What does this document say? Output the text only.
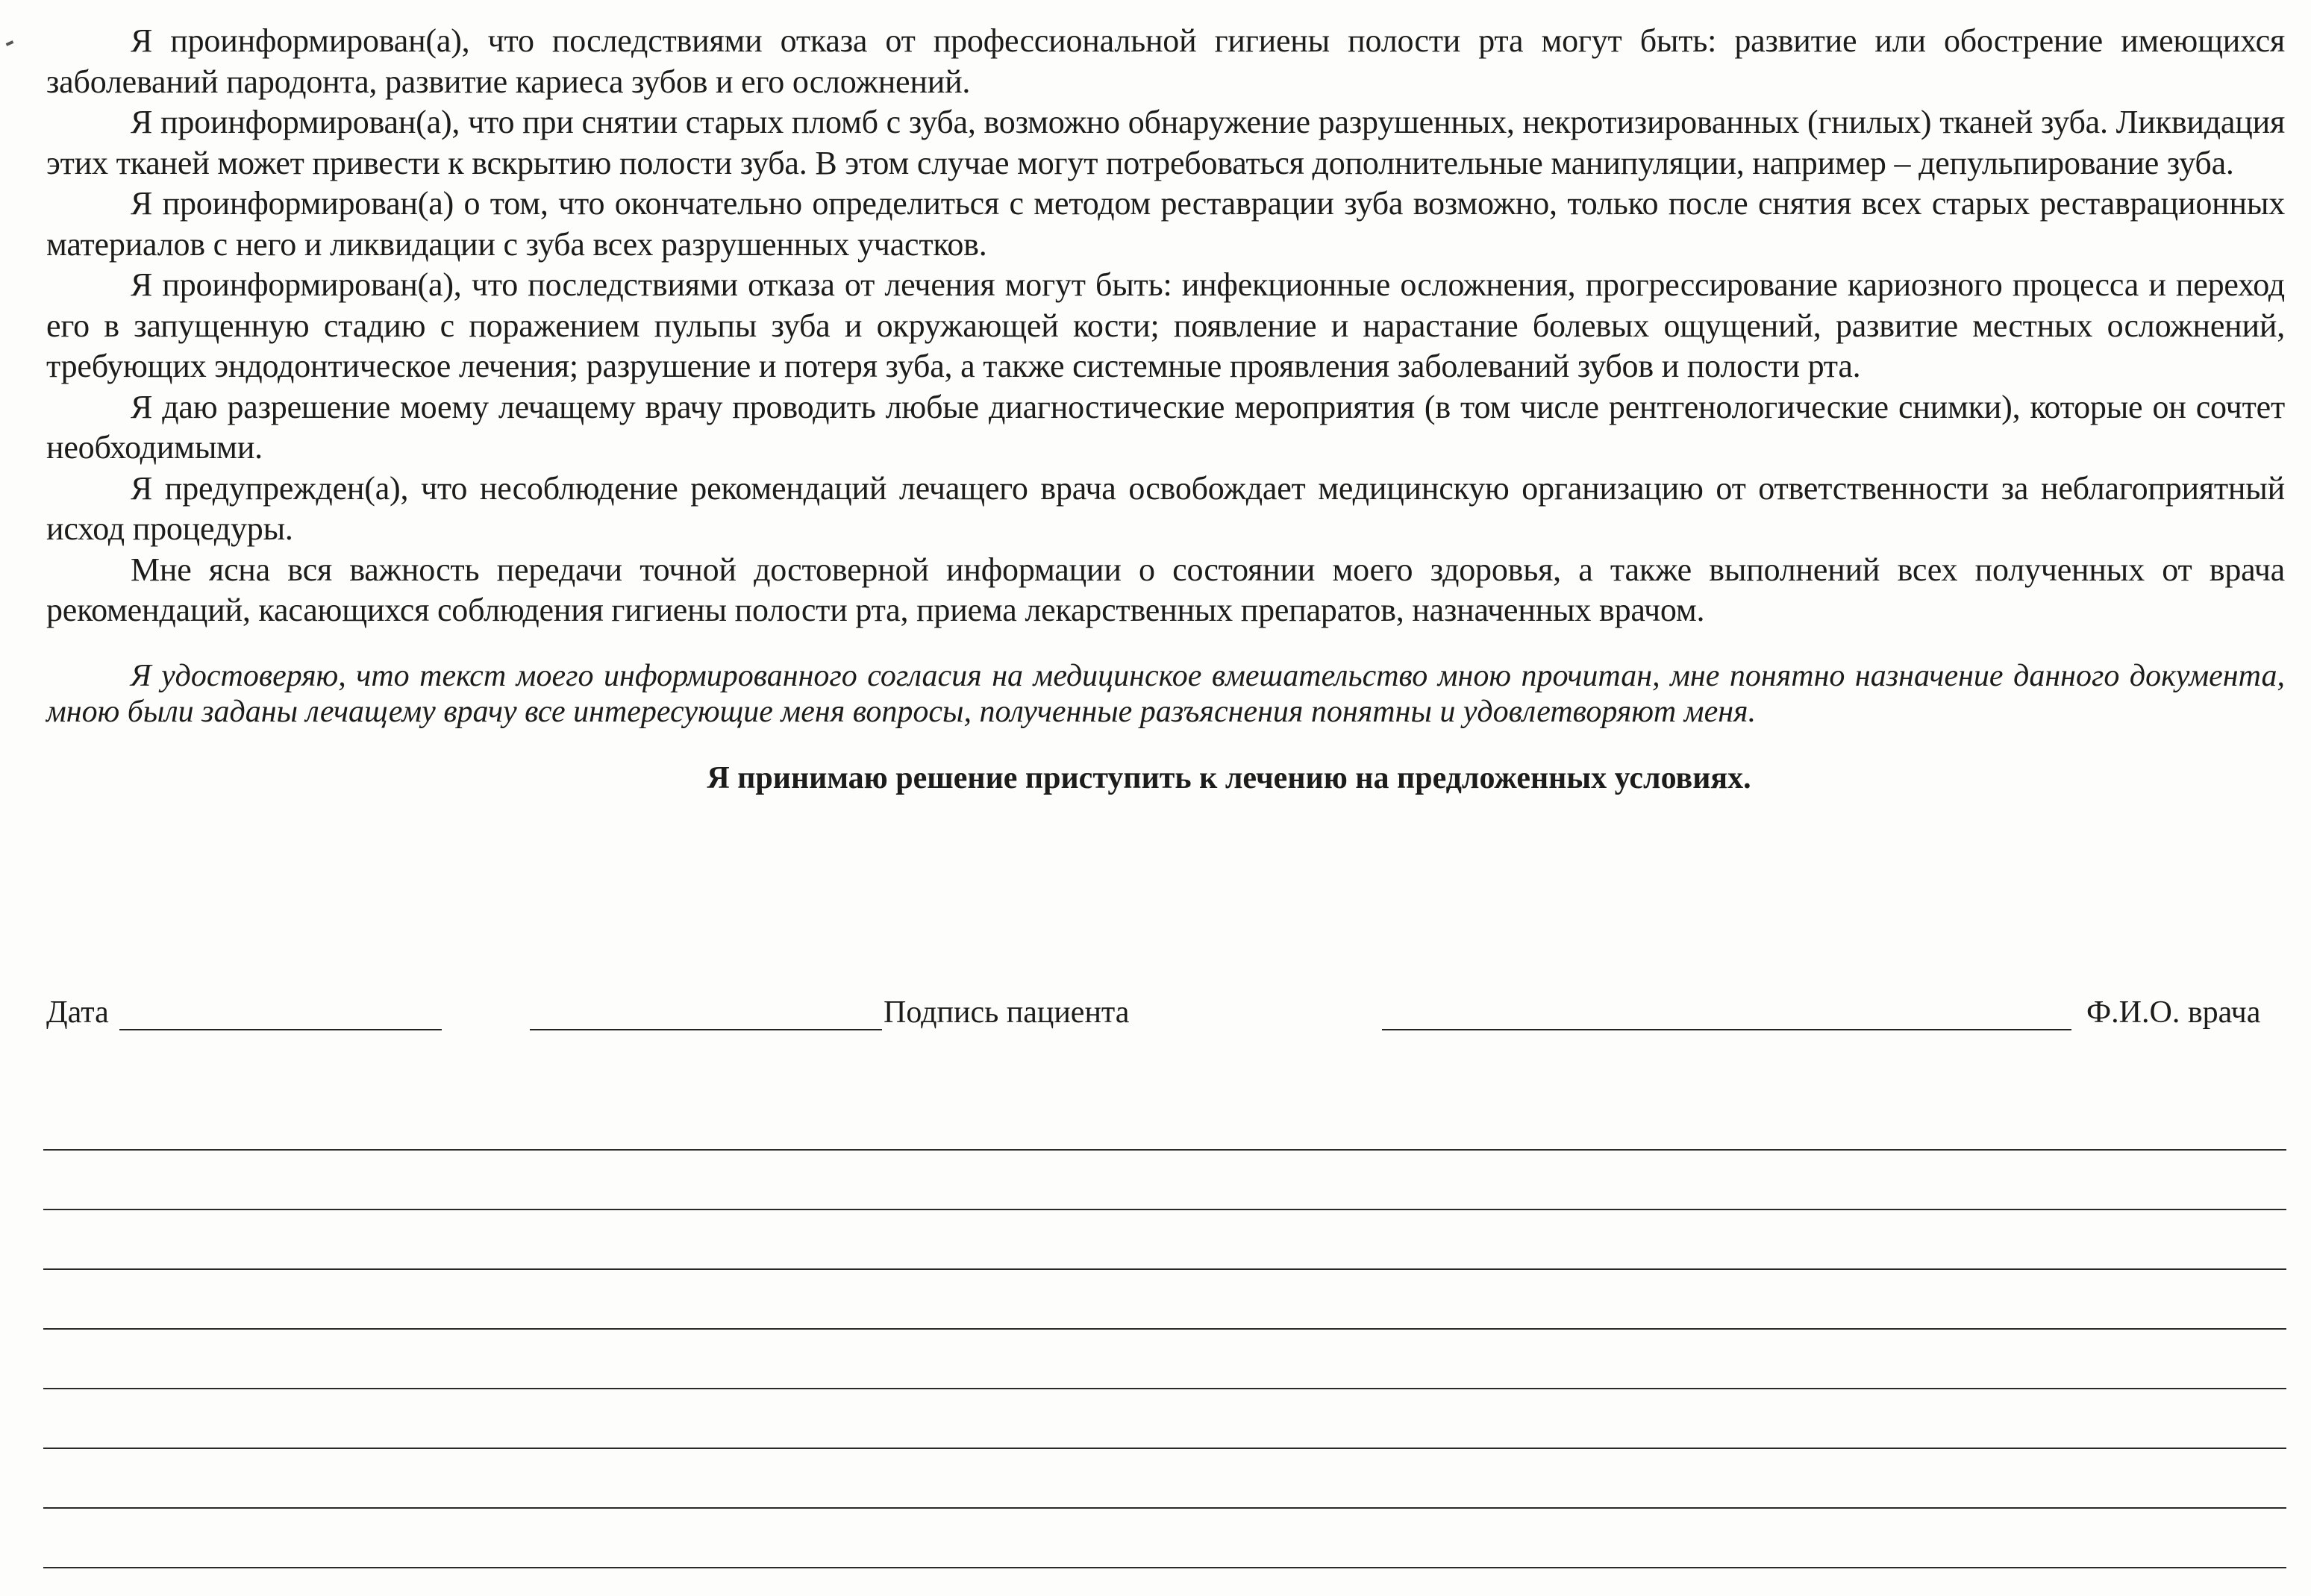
Я проинформирован(а), что последствиями отказа от профессиональной гигиены полости рта могут быть: развитие или обострение имеющихся заболеваний пародонта, развитие кариеса зубов и его осложнений.

Я проинформирован(а), что при снятии старых пломб с зуба, возможно обнаружение разрушенных, некротизированных (гнилых) тканей зуба. Ликвидация этих тканей может привести к вскрытию полости зуба. В этом случае могут потребоваться дополнительные манипуляции, например – депульпирование зуба.

Я проинформирован(а) о том, что окончательно определиться с методом реставрации зуба возможно, только после снятия всех старых реставрационных материалов с него и ликвидации с зуба всех разрушенных участков.

Я проинформирован(а), что последствиями отказа от лечения могут быть: инфекционные осложнения, прогрессирование кариозного процесса и переход его в запущенную стадию с поражением пульпы зуба и окружающей кости; появление и нарастание болевых ощущений, развитие местных осложнений, требующих эндодонтическое лечения; разрушение и потеря зуба, а также системные проявления заболеваний зубов и полости рта.

Я даю разрешение моему лечащему врачу проводить любые диагностические мероприятия (в том числе рентгенологические снимки), которые он сочтет необходимыми.

Я предупрежден(а), что несоблюдение рекомендаций лечащего врача освобождает медицинскую организацию от ответственности за неблагоприятный исход процедуры.

Мне ясна вся важность передачи точной достоверной информации о состоянии моего здоровья, а также выполнений всех полученных от врача рекомендаций, касающихся соблюдения гигиены полости рта, приема лекарственных препаратов, назначенных врачом.

Я удостоверяю, что текст моего информированного согласия на медицинское вмешательство мною прочитан, мне понятно назначение данного документа, мною были заданы лечащему врачу все интересующие меня вопросы, полученные разъяснения понятны и удовлетворяют меня.

Я принимаю решение приступить к лечению на предложенных условиях.

Дата	Подпись пациента	Ф.И.О. врача
